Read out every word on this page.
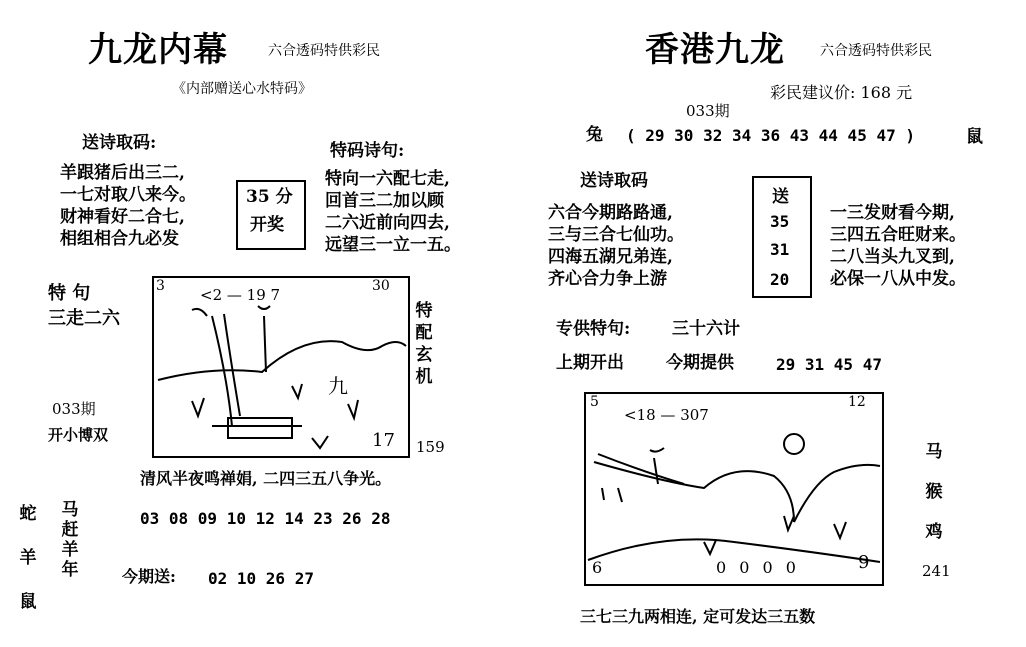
九龙内幕	六合透码特供彩民
《内部赠送心水特码》
送诗取码:
羊跟猪后出三二,
一七对取八来今。
财神看好二合七,
相组相合九必发
35 分
开奖
特码诗句:
特向一六配七走,
回首三二加以顾
二六近前向四去,
远望三一立一五。
特 句
三走二六
033期
开小博双
3 <2 — 19 7	30
九
17
特
配
玄
机
159
清风半夜鸣禅娟, 二四三五八争光。
蛇
羊
鼠
马
赶
羊
年
03 08 09 10 12 14 23 26 28
今期送: 02 10 26 27
香港九龙	六合透码特供彩民
彩民建议价: 168 元
033期
兔 ( 29 30 32 34 36 43 44 45 47 )	鼠
送诗取码
六合今期路路通,
三与三合七仙功。
四海五湖兄弟连,
齐心合力争上游
送
35
31
20
一三发财看今期,
三四五合旺财来。
二八当头九叉到,
必保一八从中发。
专供特句: 三十六计
上期开出 今期提供	29 31 45 47
5
<18 — 307
12
6	0 0 0 0	9
马
猴
鸡
241
三七三九两相连, 定可发达三五数
